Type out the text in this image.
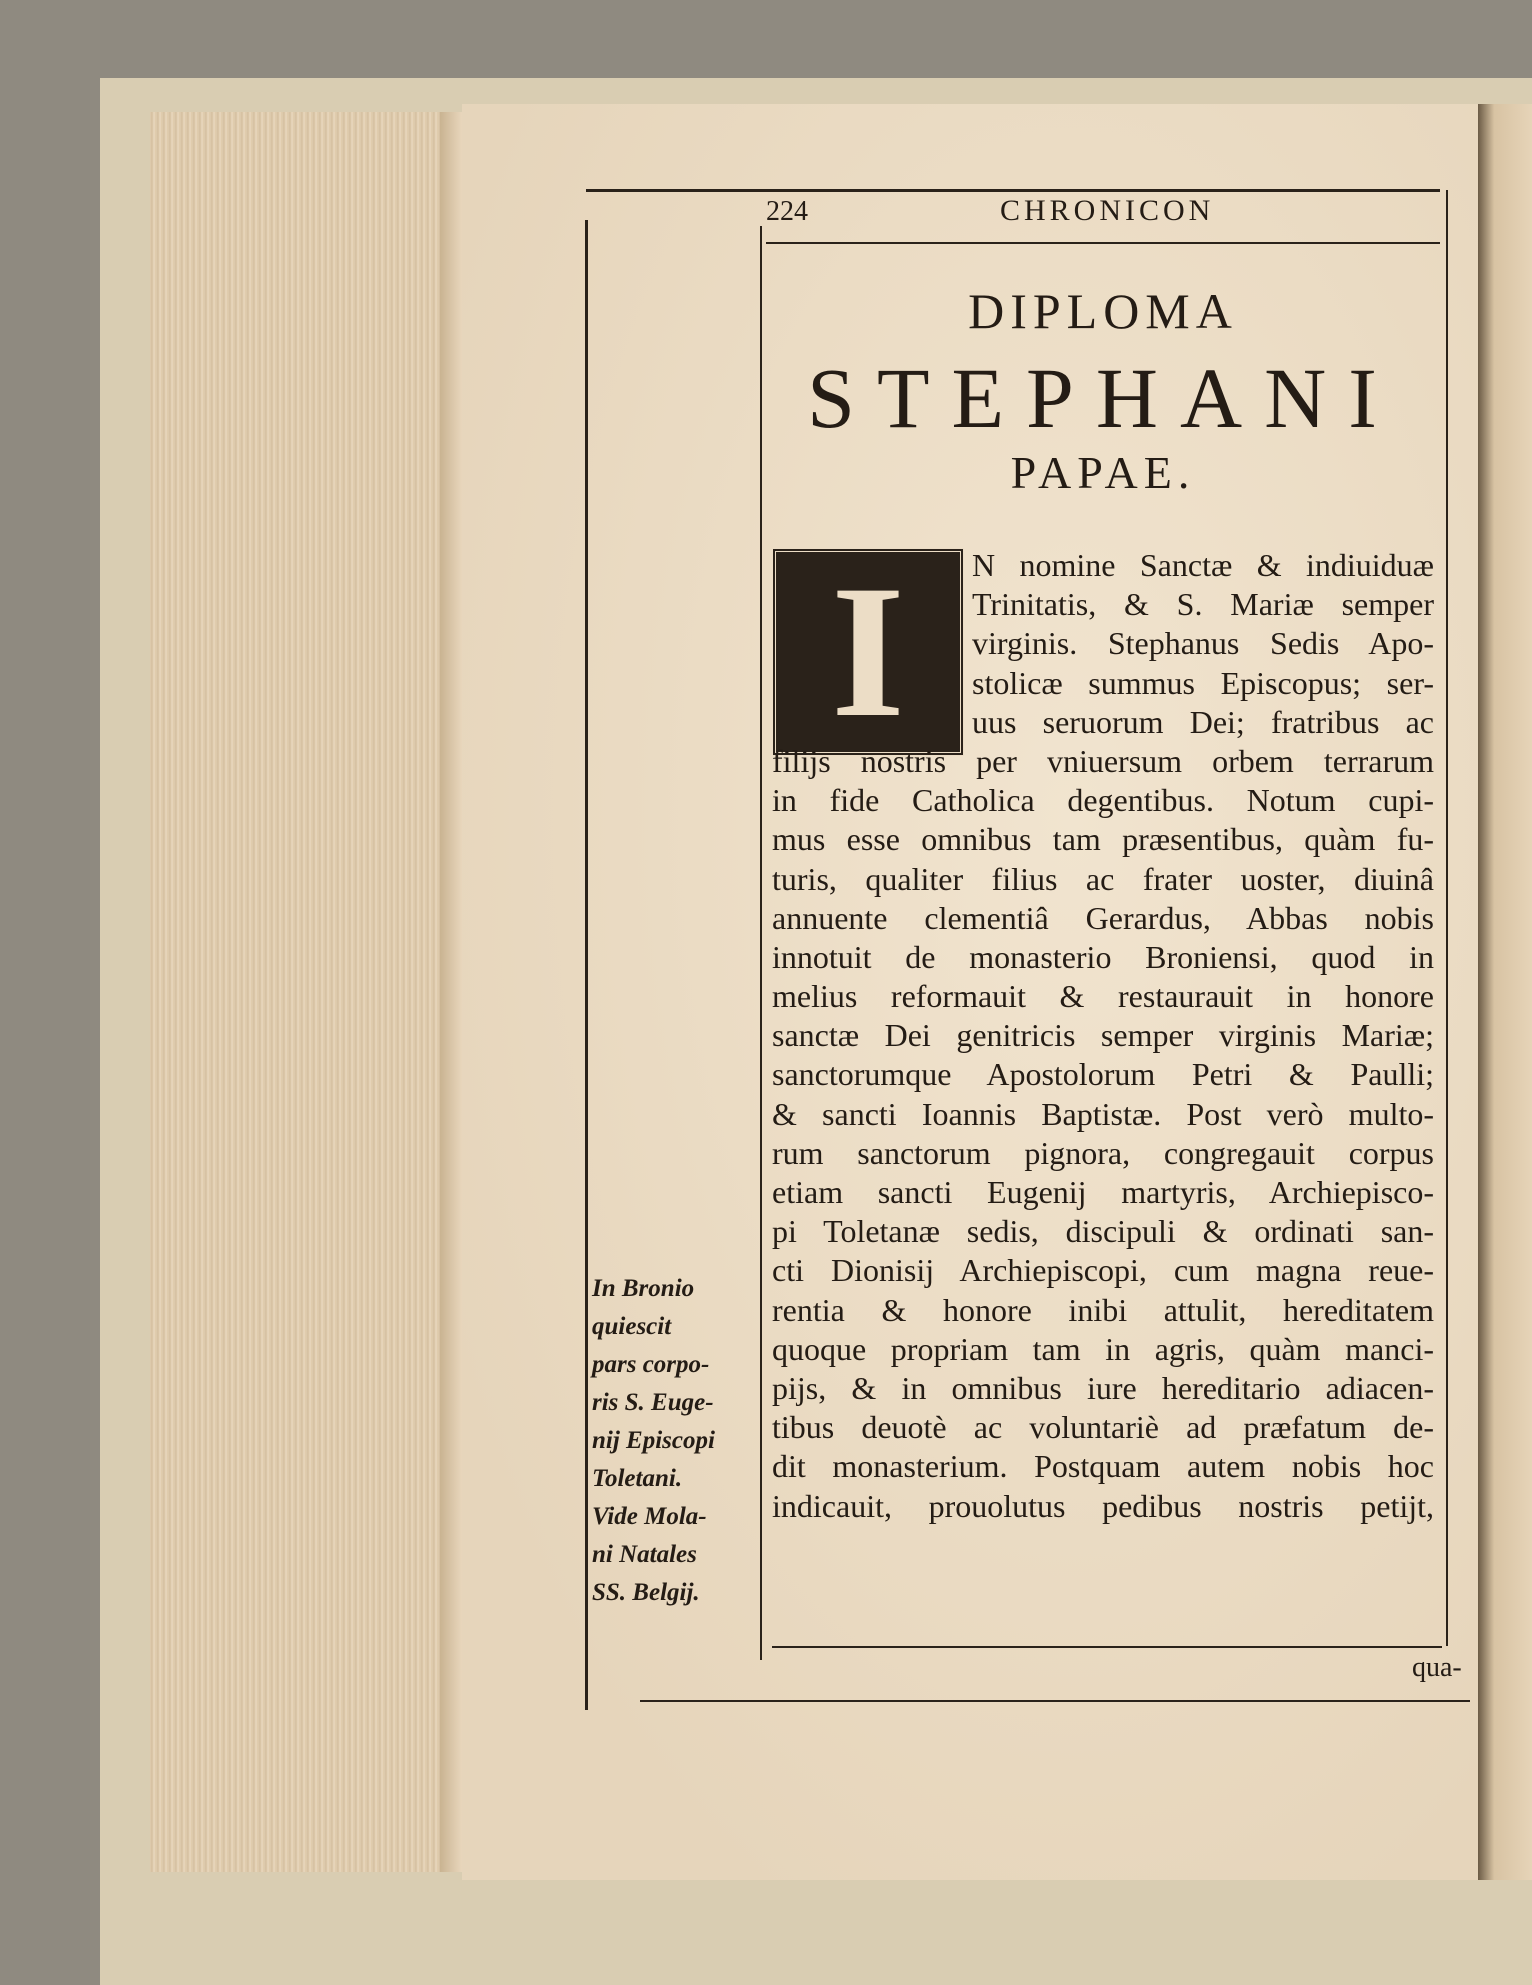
224	CHRONICON
DIPLOMA
STEPHANI
PAPAE.
I	N nomine Sanctæ & indiuiduæ
Trinitatis, & S. Mariæ semper
virginis. Stephanus Sedis Apo-
stolicæ summus Episcopus; ser-
uus seruorum Dei; fratribus ac
filijs nostris per vniuersum orbem terrarum
in fide Catholica degentibus. Notum cupi-
mus esse omnibus tam præsentibus, quàm fu-
turis, qualiter filius ac frater uoster, diuinâ
annuente clementiâ Gerardus, Abbas nobis
innotuit de monasterio Broniensi, quod in
melius reformauit & restaurauit in honore
sanctæ Dei genitricis semper virginis Mariæ;
sanctorumque Apostolorum Petri & Paulli;
& sancti Ioannis Baptistæ. Post verò multo-
rum sanctorum pignora, congregauit corpus
etiam sancti Eugenij martyris, Archiepisco-
pi Toletanæ sedis, discipuli & ordinati san-
cti Dionisij Archiepiscopi, cum magna reue-
rentia & honore inibi attulit, hereditatem
quoque propriam tam in agris, quàm manci-
pijs, & in omnibus iure hereditario adiacen-
tibus deuotè ac voluntariè ad præfatum de-
dit monasterium. Postquam autem nobis hoc
indicauit, prouolutus pedibus nostris petijt,
In Bronio
quiescit
pars corpo-
ris S. Euge-
nij Episcopi
Toletani.
Vide Mola-
ni Natales
SS. Belgij.
qua-
